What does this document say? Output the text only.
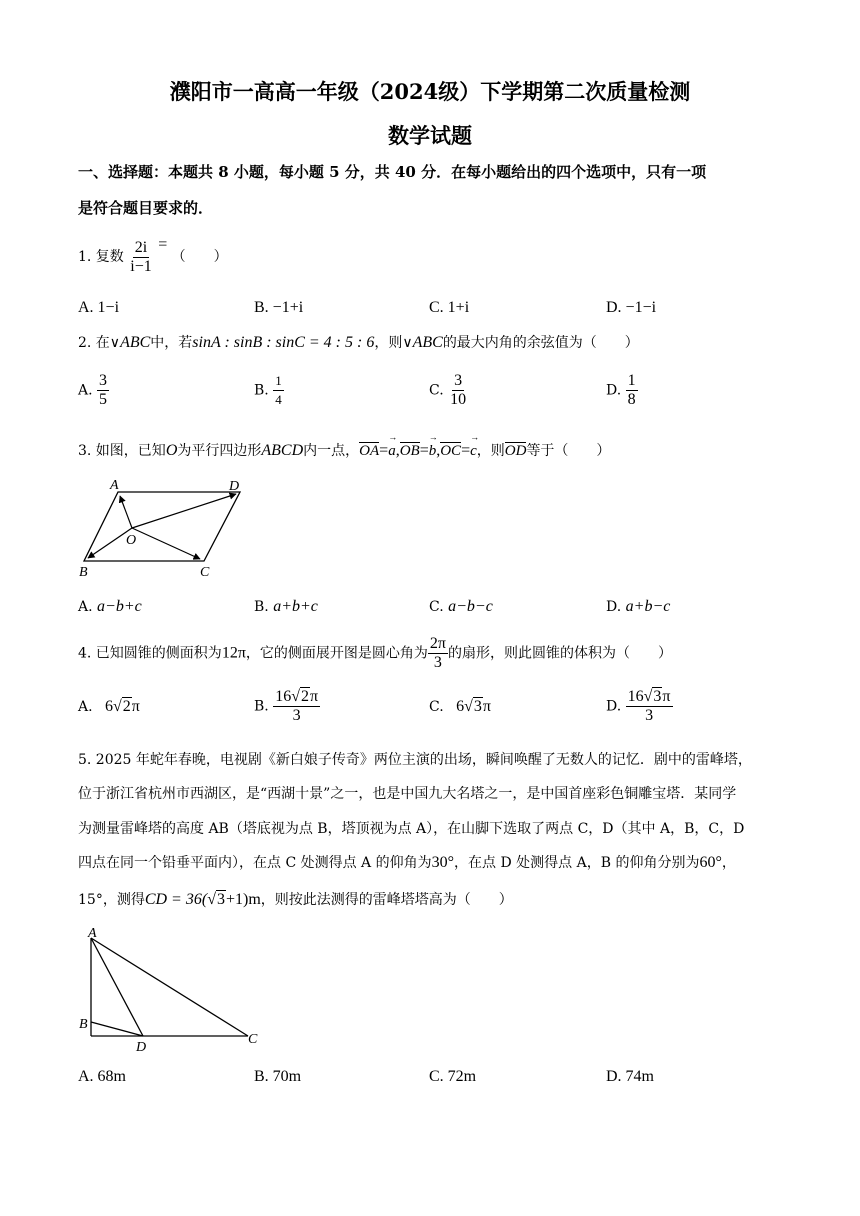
濮阳市一高高一年级（2024级）下学期第二次质量检测
数学试题
一、选择题：本题共 8 小题，每小题 5 分，共 40 分．在每小题给出的四个选项中，只有一项
是符合题目要求的．
1. 复数 $\frac{2i}{i-1}$ = （　　）
A. 1−i	B. −1+i	C. 1+i	D. −1−i
2. 在∨ABC中，若sinA : sinB : sinC = 4 : 5 : 6，则∨ABC的最大内角的余弦值为（　　）
A. $\frac{3}{5}$	B. $\frac{1}{4}$	C. $\frac{3}{10}$	D. $\frac{1}{8}$
3. 如图，已知O为平行四边形ABCD内一点，OA=→ a,OB=→ b,OC=→ c，则OD等于（　　）
A	D
O
B	C
A. a−b+c	B. a+b+c	C. a−b−c	D. a+b−c
4. 已知圆锥的侧面积为12π，它的侧面展开图是圆心角为 $\frac{2\pi}{3}$ 的扇形，则此圆锥的体积为（　　）
A. 6√2π	B. $\frac{16√2\pi}{3}$	C. 6√3π	D. $\frac{16√3\pi}{3}$
5. 2025 年蛇年春晚，电视剧《新白娘子传奇》两位主演的出场，瞬间唤醒了无数人的记忆．剧中的雷峰塔，
位于浙江省杭州市西湖区，是“西湖十景”之一，也是中国九大名塔之一，是中国首座彩色铜雕宝塔．某同学
为测量雷峰塔的高度 AB（塔底视为点 B，塔顶视为点 A），在山脚下选取了两点 C，D（其中 A，B，C，D
四点在同一个铅垂平面内），在点 C 处测得点 A 的仰角为30°，在点 D 处测得点 A，B 的仰角分别为60°，
15°，测得CD = 36(√3+1)m，则按此法测得的雷峰塔塔高为（　　）
A
B
D
C
A. 68m	B. 70m	C. 72m	D. 74m
